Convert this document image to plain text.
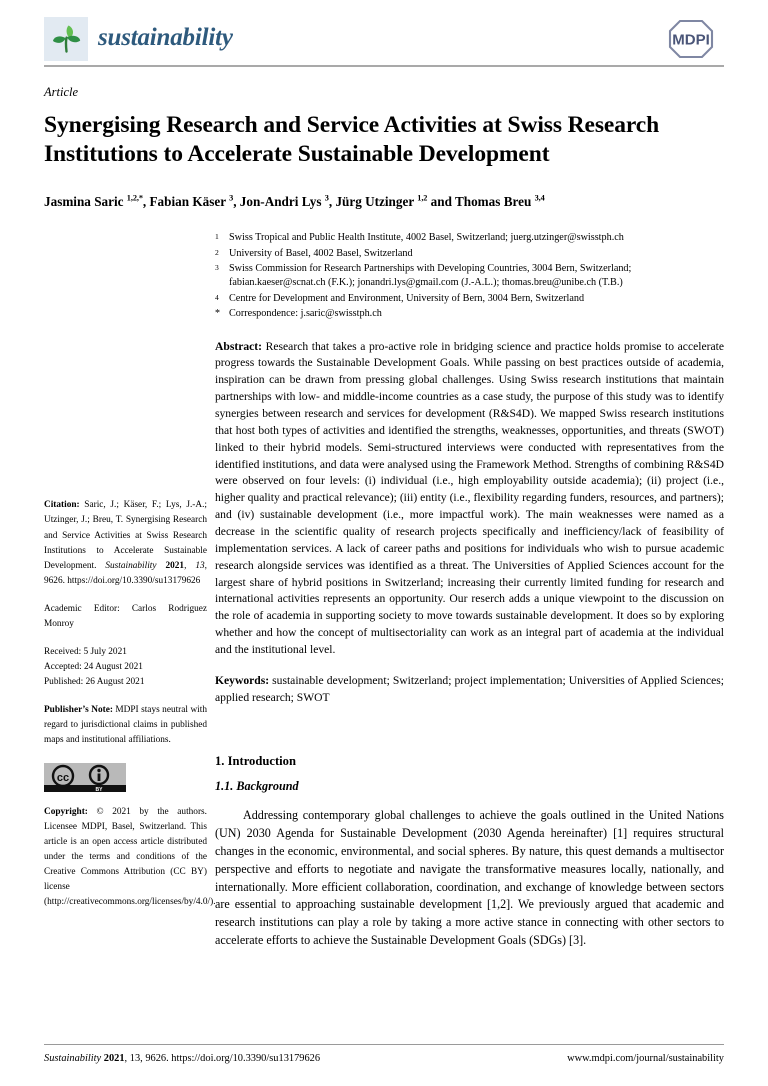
sustainability	MDPI
Article
Synergising Research and Service Activities at Swiss Research Institutions to Accelerate Sustainable Development
Jasmina Saric $^{1,2,*}$, Fabian Käser $^3$, Jon-Andri Lys $^3$, Jürg Utzinger $^{1,2}$ and Thomas Breu $^{3,4}$
Citation: Saric, J.; Käser, F.; Lys, J.-A.; Utzinger, J.; Breu, T. Synergising Research and Service Activities at Swiss Research Institutions to Accelerate Sustainable Development. Sustainability 2021, 13, 9626. https://doi.org/10.3390/su13179626
Academic Editor: Carlos Rodriguez Monroy
Received: 5 July 2021
Accepted: 24 August 2021
Published: 26 August 2021
Publisher’s Note: MDPI stays neutral with regard to jurisdictional claims in published maps and institutional affiliations.
cc
BY
Copyright: © 2021 by the authors. Licensee MDPI, Basel, Switzerland. This article is an open access article distributed under the terms and conditions of the Creative Commons Attribution (CC BY) license (http://creativecommons.org/licenses/by/4.0/).
1	Swiss Tropical and Public Health Institute, 4002 Basel, Switzerland; juerg.utzinger@swisstph.ch
2	University of Basel, 4002 Basel, Switzerland
3	Swiss Commission for Research Partnerships with Developing Countries, 3004 Bern, Switzerland; fabian.kaeser@scnat.ch (F.K.); jonandri.lys@gmail.com (J.-A.L.); thomas.breu@unibe.ch (T.B.)
4	Centre for Development and Environment, University of Bern, 3004 Bern, Switzerland
* Correspondence: j.saric@swisstph.ch
Abstract: Research that takes a pro-active role in bridging science and practice holds promise to accelerate progress towards the Sustainable Development Goals. While passing on best practices outside of academia, inspiration can be drawn from pressing global challenges. Using Swiss research institutions that maintain partnerships with low- and middle-income countries as a case study, the purpose of this study was to identify synergies between research and services for development (R&S4D). We mapped Swiss research institutions that host both types of activities and identified the strengths, weaknesses, opportunities, and threats (SWOT) linked to their hybrid models. Semi-structured interviews were conducted with representatives from the identified institutions, and data were analysed using the Framework Method. Strengths of combining R&S4D were observed on four levels: (i) individual (i.e., high employability outside academia); (ii) project (i.e., higher quality and practical relevance); (iii) entity (i.e., flexibility regarding funders, resources, and partners); and (iv) sustainable development (i.e., more impactful work). The main weaknesses were named as a decrease in the scientific quality of research projects specifically and inefficiency/lack of feasibility of implementation services. A lack of career paths and positions for individuals who wish to pursue academic research alongside services was identified as a threat. The Universities of Applied Sciences account for the largest share of hybrid positions in Switzerland; increasing their currently limited funding for research and international activities represents an opportunity. Our reserch adds a unique viewpoint to the discussion on the role of academia in supporting society to move towards sustainable development. It does so by exploring whether and how the concept of multisectoriality can work as an integral part of academia at the individual and the institutional level.
Keywords: sustainable development; Switzerland; project implementation; Universities of Applied Sciences; applied research; SWOT
1. Introduction
1.1. Background

Addressing contemporary global challenges to achieve the goals outlined in the United Nations (UN) 2030 Agenda for Sustainable Development (2030 Agenda hereinafter) [1] requires structural changes in the economic, environmental, and social spheres. By nature, this quest demands a multisector perspective and efforts to negotiate and navigate the transformative measures locally, nationally, and internationally. More efficient collaboration, coordination, and exchange of knowledge between sectors are essential to approaching sustainable development [1,2]. We previously argued that academic and research institutions can play a role by taking a more active stance in connecting with other sectors to accelerate efforts to achieve the Sustainable Development Goals (SDGs) [3].

Sustainability 2021, 13, 9626. https://doi.org/10.3390/su13179626	www.mdpi.com/journal/sustainability
